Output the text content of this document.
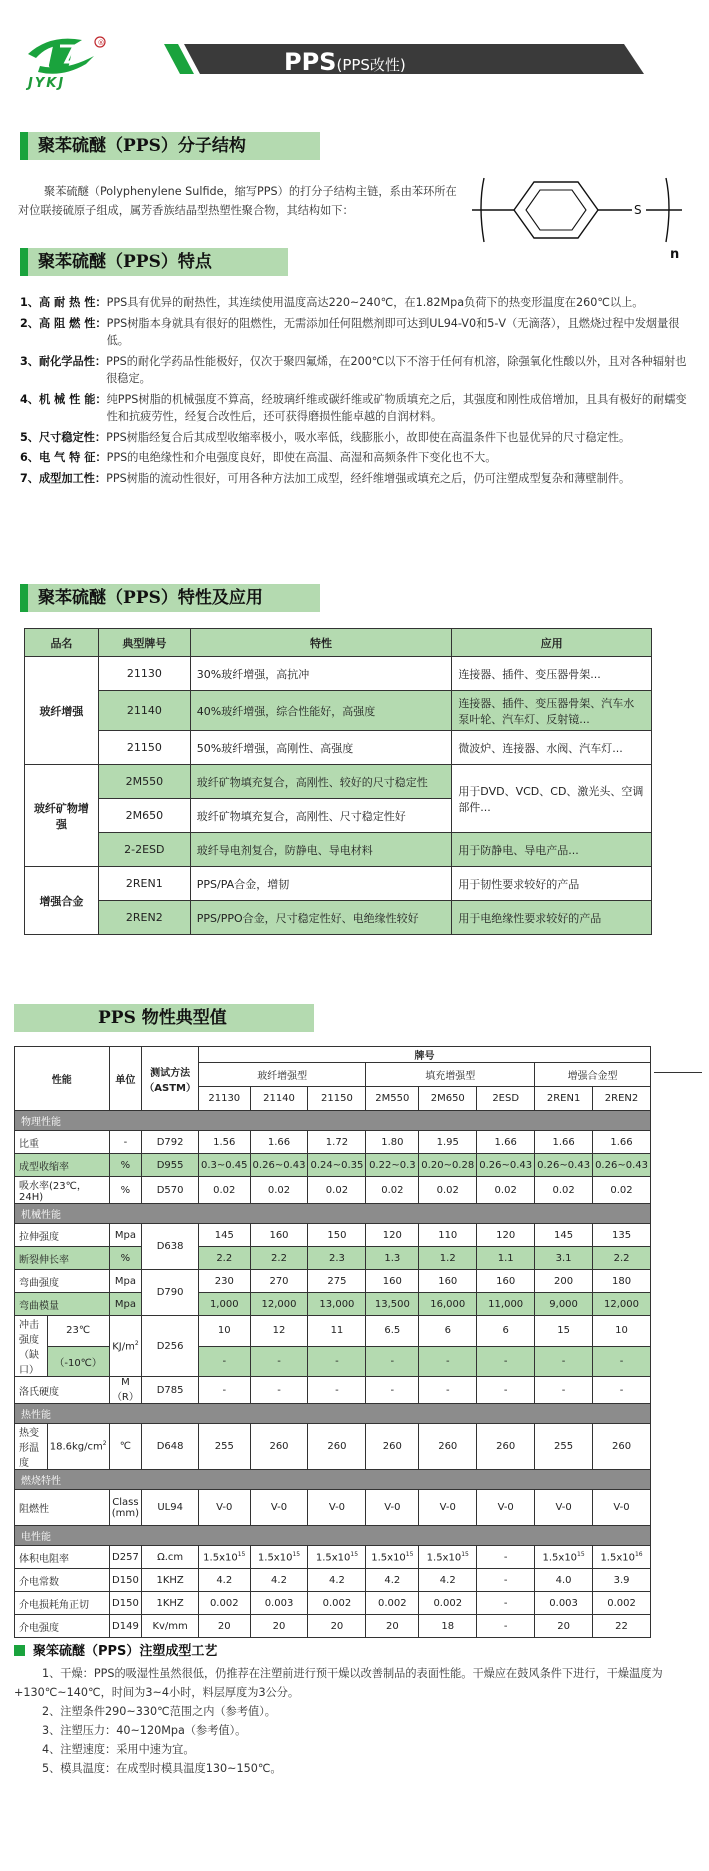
®
JYKJ
PPS(PPS改性)
聚苯硫醚（PPS）分子结构
聚苯硫醚（Polyphenylene Sulfide，缩写PPS）的打分子结构主链，系由苯环所在对位联接硫原子组成，属芳香族结晶型热塑性聚合物，其结构如下：	S
n
聚苯硫醚（PPS）特点
1、高 耐 热 性： PPS具有优异的耐热性，其连续使用温度高达220~240℃，在1.82Mpa负荷下的热变形温度在260℃以上。
2、高 阻 燃 性： PPS树脂本身就具有很好的阻燃性，无需添加任何阻燃剂即可达到UL94-V0和5-V（无滴落），且燃烧过程中发烟量很低。
3、耐化学品性： PPS的耐化学药品性能极好，仅次于聚四氟烯，在200℃以下不溶于任何有机溶，除强氧化性酸以外，且对各种辐射也很稳定。
4、机 械 性 能： 纯PPS树脂的机械强度不算高，经玻璃纤维或碳纤维或矿物质填充之后，其强度和刚性成倍增加，且具有极好的耐蠕变性和抗疲劳性，经复合改性后，还可获得磨损性能卓越的自润材料。
5、尺寸稳定性： PPS树脂经复合后其成型收缩率极小，吸水率低，线膨胀小，故即使在高温条件下也显优异的尺寸稳定性。
6、电 气 特 征： PPS的电绝缘性和介电强度良好，即使在高温、高湿和高频条件下变化也不大。
7、成型加工性： PPS树脂的流动性很好，可用各种方法加工成型，经纤维增强或填充之后，仍可注塑成型复杂和薄壁制件。
聚苯硫醚（PPS）特性及应用
品名	典型牌号	特性	应用
玻纤增强	21130	30%玻纤增强，高抗冲	连接器、插件、变压器骨架...
	21140	40%玻纤增强，综合性能好，高强度	连接器、插件、变压器骨架、汽车水泵叶轮、汽车灯、反射镜...
	21150	50%玻纤增强，高刚性、高强度	微波炉、连接器、水阀、汽车灯...
玻纤矿物增强	2M550	玻纤矿物填充复合，高刚性、较好的尺寸稳定性	用于DVD、VCD、CD、激光头、空调部件...
	2M650	玻纤矿物填充复合，高刚性、尺寸稳定性好	
	2-2ESD	玻纤导电剂复合，防静电、导电材料	用于防静电、导电产品...
增强合金	2REN1	PPS/PA合金，增韧	用于韧性要求较好的产品
	2REN2	PPS/PPO合金，尺寸稳定性好、电绝缘性较好	用于电绝缘性要求较好的产品
PPS 物性典型值
性能		单位	测试方法（ASTM）	牌号							
				玻纤增强型			填充增强型			增强合金型	
				21130	21140	21150	2M550	2M650	2ESD	2REN1	2REN2
物理性能											
比重		-	D792	1.56	1.66	1.72	1.80	1.95	1.66	1.66	1.66
成型收缩率		%	D955	0.3~0.45	0.26~0.43	0.24~0.35	0.22~0.3	0.20~0.28	0.26~0.43	0.26~0.43	0.26~0.43
吸水率(23℃，24H)		%	D570	0.02	0.02	0.02	0.02	0.02	0.02	0.02	0.02
机械性能											
拉伸强度		Mpa	D638	145	160	150	120	110	120	145	135
断裂伸长率		%		2.2	2.2	2.3	1.3	1.2	1.1	3.1	2.2
弯曲强度		Mpa	D790	230	270	275	160	160	160	200	180
弯曲模量		Mpa		1,000	12,000	13,000	13,500	16,000	11,000	9,000	12,000
冲击强度（缺口）	23℃	$KJ/m^2$	D256	10	12	11	6.5	6	6	15	10
	（-10℃）			-	-	-	-	-	-	-	-
洛氏硬度		M（R）	D785	-	-	-	-	-	-	-	-
热性能											
热变形温度	$18.6kg/cm^2$	℃	D648	255	260	260	260	260	260	255	260
燃烧特性											
阻燃性		Class (mm)	UL94	V-0	V-0	V-0	V-0	V-0	V-0	V-0	V-0
电性能											
体积电阻率		D257	Ω.cm	$1.5x10^{15}$	$1.5x10^{15}$	$1.5x10^{15}$	$1.5x10^{15}$	$1.5x10^{15}$	-	$1.5x10^{15}$	$1.5x10^{16}$
介电常数		D150	1KHZ	4.2	4.2	4.2	4.2	4.2	-	4.0	3.9
介电损耗角正切		D150	1KHZ	0.002	0.003	0.002	0.002	0.002	-	0.003	0.002
介电强度		D149	Kv/mm	20	20	20	20	18	-	20	22
聚笨硫醚（PPS）注塑成型工艺

1、干燥：PPS的吸湿性虽然很低，仍推荐在注塑前进行预干燥以改善制品的表面性能。干燥应在鼓风条件下进行，干燥温度为+130℃~140℃，时间为3~4小时，料层厚度为3公分。

2、注塑条件290~330℃范围之内（参考值）。

3、注塑压力：40~120Mpa（参考值）。

4、注塑速度：采用中速为宜。

5、模具温度：在成型时模具温度130~150℃。
